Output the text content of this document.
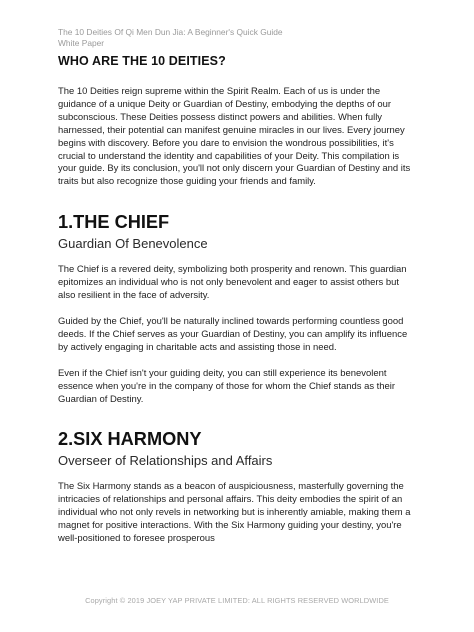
The 10 Deities Of Qi Men Dun Jia: A Beginner's Quick Guide
White Paper
WHO ARE THE 10 DEITIES?

The 10 Deities reign supreme within the Spirit Realm. Each of us is under the guidance of a unique Deity or Guardian of Destiny, embodying the depths of our subconscious. These Deities possess distinct powers and abilities. When fully harnessed, their potential can manifest genuine miracles in our lives. Every journey begins with discovery. Before you dare to envision the wondrous possibilities, it's crucial to understand the identity and capabilities of your Deity. This compilation is your guide. By its conclusion, you'll not only discern your Guardian of Destiny and its traits but also recognize those guiding your friends and family.

1.THE CHIEF
Guardian Of Benevolence

The Chief is a revered deity, symbolizing both prosperity and renown. This guardian epitomizes an individual who is not only benevolent and eager to assist others but also resilient in the face of adversity.

Guided by the Chief, you'll be naturally inclined towards performing countless good deeds. If the Chief serves as your Guardian of Destiny, you can amplify its influence by actively engaging in charitable acts and assisting those in need.

Even if the Chief isn't your guiding deity, you can still experience its benevolent essence when you're in the company of those for whom the Chief stands as their Guardian of Destiny.

2.SIX HARMONY
Overseer of Relationships and Affairs

The Six Harmony stands as a beacon of auspiciousness, masterfully governing the intricacies of relationships and personal affairs. This deity embodies the spirit of an individual who not only revels in networking but is inherently amiable, making them a magnet for positive interactions. With the Six Harmony guiding your destiny, you're well-positioned to foresee prosperous

Copyright © 2019 JOEY YAP PRIVATE LIMITED: ALL RIGHTS RESERVED WORLDWIDE
